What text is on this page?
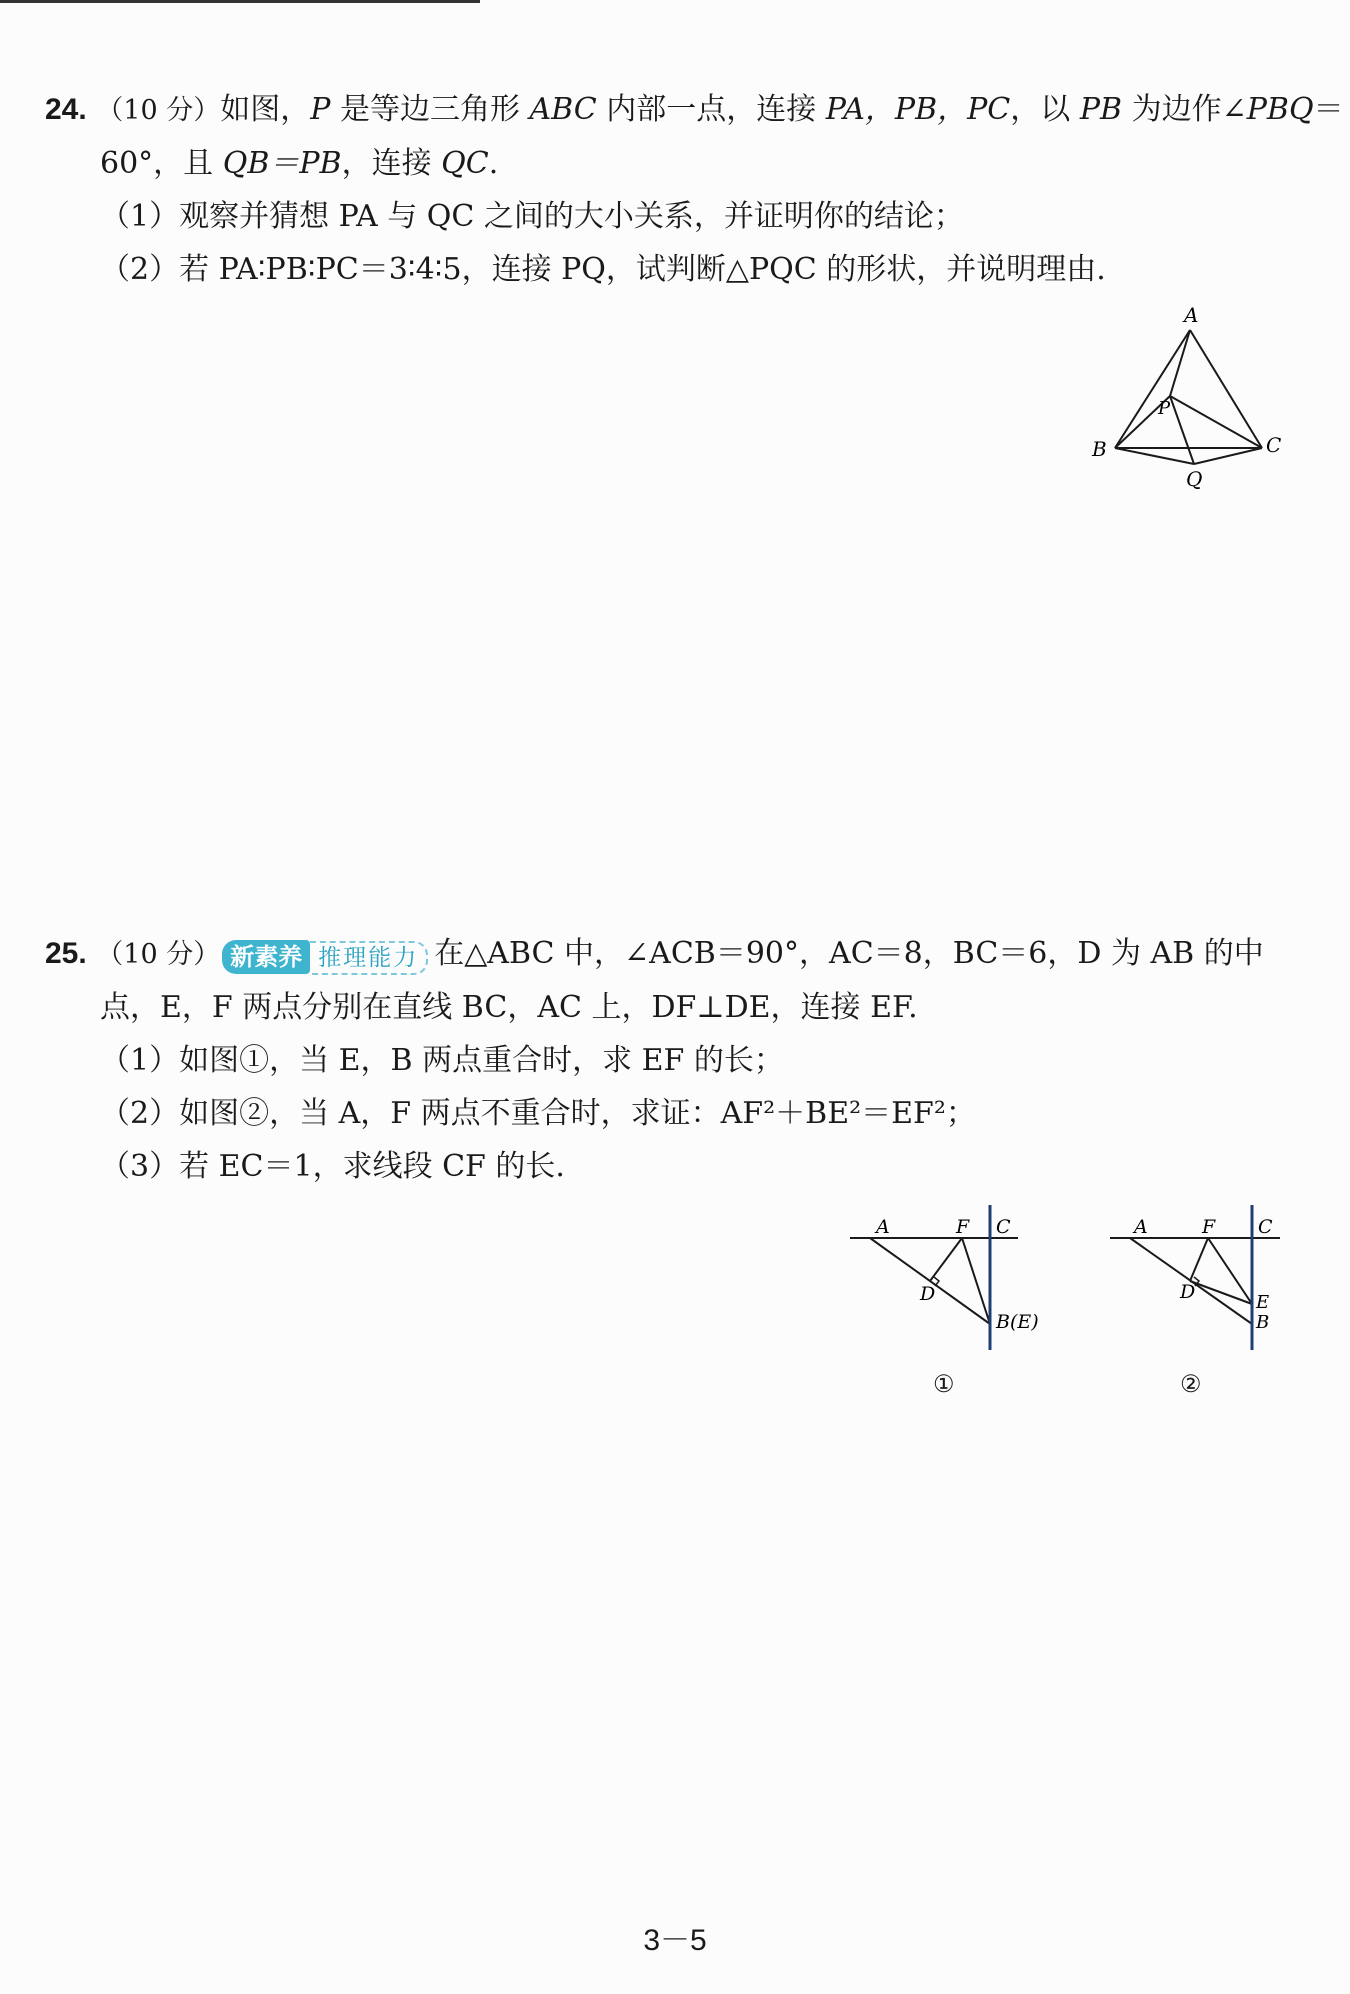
24. （10 分）如图，P 是等边三角形 ABC 内部一点，连接 PA，PB，PC，以 PB 为边作∠PBQ＝
60°，且 QB＝PB，连接 QC.
（1）观察并猜想 PA 与 QC 之间的大小关系，并证明你的结论；
（2）若 PA∶PB∶PC＝3∶4∶5，连接 PQ，试判断△PQC 的形状，并说明理由.
A
B	C
P
Q
25. （10 分） 新素养 推理能力 在△ABC 中，∠ACB＝90°，AC＝8，BC＝6，D 为 AB 的中
点，E，F 两点分别在直线 BC，AC 上，DF⊥DE，连接 EF.
（1）如图①，当 E，B 两点重合时，求 EF 的长；
（2）如图②，当 A，F 两点不重合时，求证：AF²＋BE²＝EF²；
（3）若 EC＝1，求线段 CF 的长.
A	F C
D
B(E)
①
A	F C
D	E
B
②
3－5
